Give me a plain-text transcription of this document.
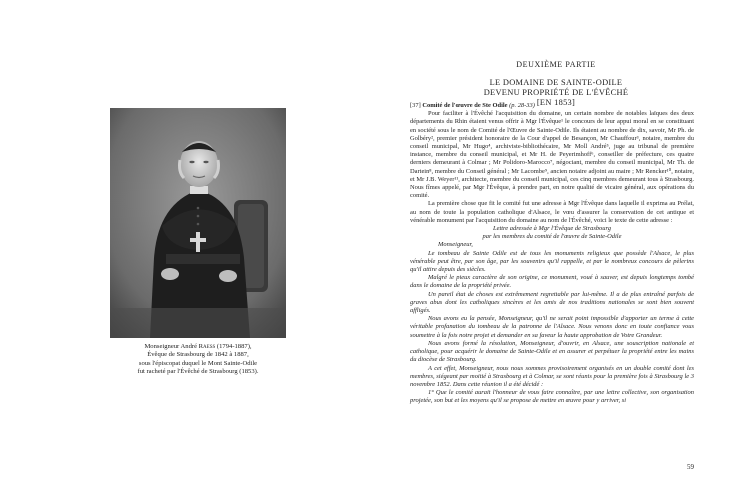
Monseigneur André Raess (1794-1887),
Évêque de Strasbourg de 1842 à 1887,
sous l'épiscopat duquel le Mont Sainte-Odile
fut racheté par l'Évêché de Strasbourg (1853).
DEUXIÈME PARTIE
LE DOMAINE DE SAINTE-ODILE
DEVENU PROPRIÉTÉ DE L'ÉVÊCHÉ
[EN 1853]

[37] Comité de l'œuvre de Ste Odile (p. 28-33)

Pour faciliter à l'Évêché l'acquisition du domaine, un certain nombre de notables laïques des deux départements du Rhin étaient venus offrir à Mgr l'Évêque¹ le concours de leur appui moral en se constituant en société sous le nom de Comité de l'Œuvre de Sainte-Odile. Ils étaient au nombre de dix, savoir, Mr Ph. de Golbéry², premier président honoraire de la Cour d'appel de Besançon, Mr Chauffour³, notaire, membre du conseil municipal, Mr Hugo⁴, archiviste-bibliothécaire, Mr Moll André⁵, juge au tribunal de première instance, membre du conseil municipal, et Mr H. de Peyerimhoff⁶, conseiller de préfecture, ces quatre derniers demeurant à Colmar ; Mr Polidoro-Marocco⁷, négociant, membre du conseil municipal, Mr Th. de Dartein⁸, membre du Conseil général ; Mr Lacombe⁹, ancien notaire adjoint au maire ; Mr Rencker¹⁰, notaire, et Mr J.B. Weyer¹¹, architecte, membre du conseil municipal, ces cinq membres demeurant tous à Strasbourg. Nous fîmes appelé, par Mgr l'Évêque, à prendre part, en notre qualité de vicaire général, aux opérations du comité.

La première chose que fit le comité fut une adresse à Mgr l'Évêque dans laquelle il exprima au Prélat, au nom de toute la population catholique d'Alsace, le vœu d'assurer la conservation de cet antique et vénérable monument par l'acquisition du domaine au nom de l'Évêché, voici le texte de cette adresse :

Lettre adressée à Mgr l'Évêque de Strasbourg

par les membres du comité de l'œuvre de Sainte-Odile

Monseigneur,

Le tombeau de Sainte Odile est de tous les monuments religieux que possède l'Alsace, le plus vénérable peut être, par son âge, par les souvenirs qu'il rappelle, et par le nombreux concours de pèlerins qu'il attire depuis des siècles.

Malgré le pieux caractère de son origine, ce monument, voué à sauver, est depuis longtemps tombé dans le domaine de la propriété privée.

Un pareil état de choses est extrêmement regrettable par lui-même. Il a de plus entraîné parfois de graves abus dont les catholiques sincères et les amis de nos traditions nationales se sont bien souvent affligés.

Nous avons eu la pensée, Monseigneur, qu'il ne serait point impossible d'apporter un terme à cette véritable profanation du tombeau de la patronne de l'Alsace. Nous venons donc en toute confiance vous soumettre à la fois notre projet et demander en sa faveur la haute approbation de Votre Grandeur.

Nous avons formé la résolution, Monseigneur, d'ouvrir, en Alsace, une souscription nationale et catholique, pour acquérir le domaine de Sainte-Odile et en assurer et perpétuer la propriété entre les mains du diocèse de Strasbourg.

A cet effet, Monseigneur, nous nous sommes provisoirement organisés en un double comité dont les membres, siégeant par moitié à Strasbourg et à Colmar, se sont réunis pour la première fois à Strasbourg le 3 novembre 1852. Dans cette réunion il a été décidé :

1° Que le comité aurait l'honneur de vous faire connaître, par une lettre collective, son organisation projetée, son but et les moyens qu'il se propose de mettre en œuvre pour y arriver, si

59
